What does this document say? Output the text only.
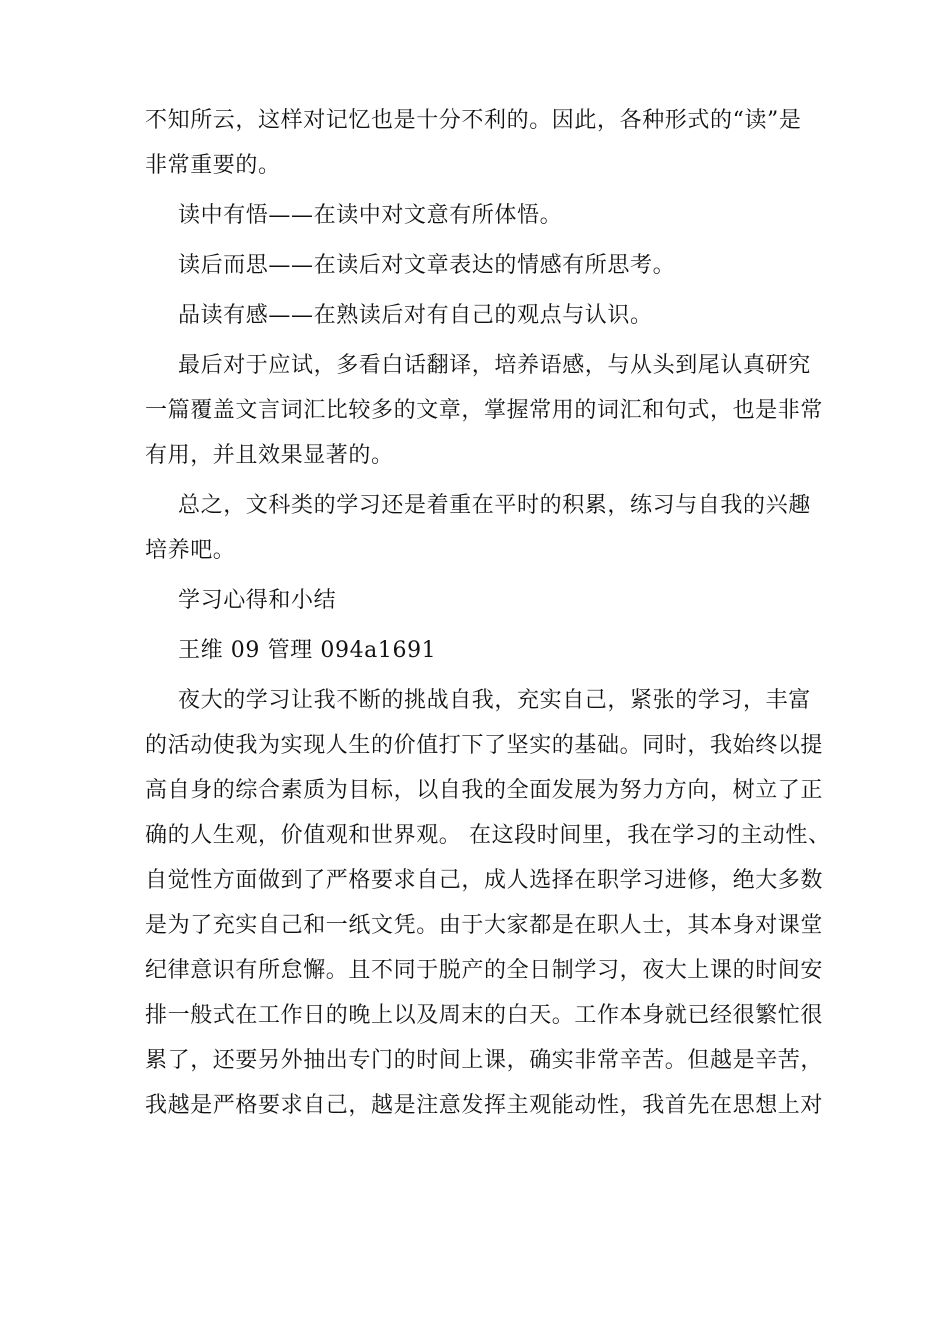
不知所云，这样对记忆也是十分不利的。因此，各种形式的“读”是
非常重要的。

读中有悟——在读中对文意有所体悟。

读后而思——在读后对文章表达的情感有所思考。

品读有感——在熟读后对有自己的观点与认识。

最后对于应试，多看白话翻译，培养语感，与从头到尾认真研究
一篇覆盖文言词汇比较多的文章，掌握常用的词汇和句式，也是非常
有用，并且效果显著的。

总之，文科类的学习还是着重在平时的积累，练习与自我的兴趣
培养吧。

学习心得和小结

王维 09 管理 094a1691

夜大的学习让我不断的挑战自我，充实自己，紧张的学习，丰富
的活动使我为实现人生的价值打下了坚实的基础。同时，我始终以提
高自身的综合素质为目标，以自我的全面发展为努力方向，树立了正
确的人生观，价值观和世界观。 在这段时间里，我在学习的主动性、
自觉性方面做到了严格要求自己，成人选择在职学习进修，绝大多数
是为了充实自己和一纸文凭。由于大家都是在职人士，其本身对课堂
纪律意识有所怠懈。且不同于脱产的全日制学习，夜大上课的时间安
排一般式在工作日的晚上以及周末的白天。工作本身就已经很繁忙很
累了，还要另外抽出专门的时间上课，确实非常辛苦。但越是辛苦，
我越是严格要求自己，越是注意发挥主观能动性，我首先在思想上对
